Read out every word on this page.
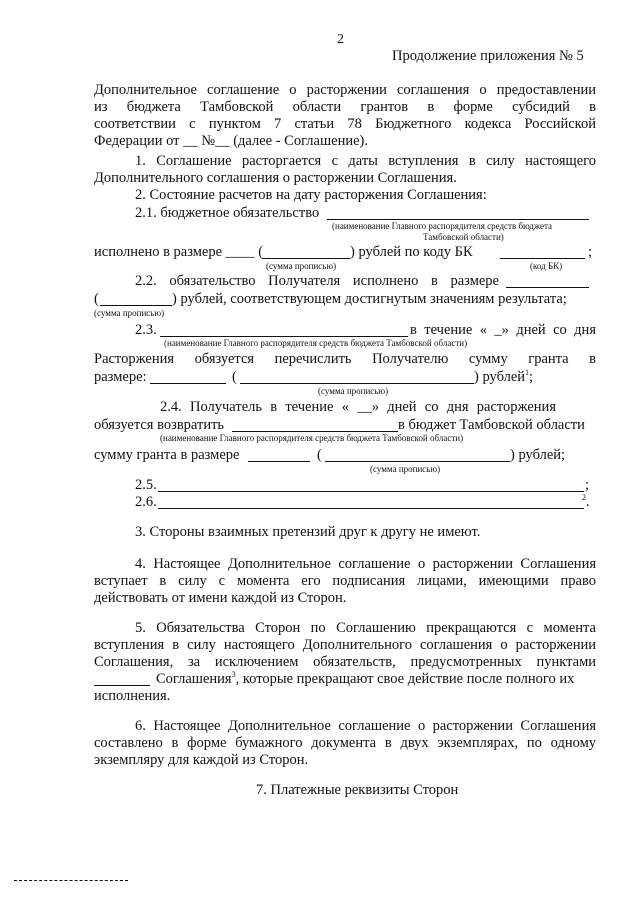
2
Продолжение приложения № 5
Дополнительное соглашение о расторжении соглашения о предоставлении
из бюджета Тамбовской области грантов в форме субсидий в
соответствии с пунктом 7 статьи 78 Бюджетного кодекса Российской
Федерации от __ №__ (далее - Соглашение).
1. Соглашение расторгается с даты вступления в силу настоящего
Дополнительного соглашения о расторжении Соглашения.
2. Состояние расчетов на дату расторжения Соглашения:
2.1. бюджетное обязательство
(наименование Главного распорядителя средств бюджета
Тамбовской области)
исполнено в размере ____ (	) рублей по коду БК	;
(сумма прописью)	(код БК)
2.2. обязательство Получателя исполнено в размере
(	) рублей, соответствующем достигнутым значениям результата;
(сумма прописью)
2.3.	в течение « _» дней со дня
(наименование Главного распорядителя средств бюджета Тамбовской области)
Расторжения обязуется перечислить Получателю сумму гранта в
размере:	(	) рублей$^1$;
(сумма прописью)
2.4. Получатель в течение « __» дней со дня расторжения
обязуется возвратить	в бюджет Тамбовской области
(наименование Главного распорядителя средств бюджета Тамбовской области)
сумму гранта в размере	(	) рублей;
(сумма прописью)
2.5.	;
2.6.	$^2$.
3. Стороны взаимных претензий друг к другу не имеют.
4. Настоящее Дополнительное соглашение о расторжении Соглашения
вступает в силу с момента его подписания лицами, имеющими право
действовать от имени каждой из Сторон.
5. Обязательства Сторон по Соглашению прекращаются с момента
вступления в силу настоящего Дополнительного соглашения о расторжении
Соглашения, за исключением обязательств, предусмотренных пунктами
Соглашения$^3$, которые прекращают свое действие после полного их
исполнения.
6. Настоящее Дополнительное соглашение о расторжении Соглашения
составлено в форме бумажного документа в двух экземплярах, по одному
экземпляру для каждой из Сторон.
7. Платежные реквизиты Сторон
